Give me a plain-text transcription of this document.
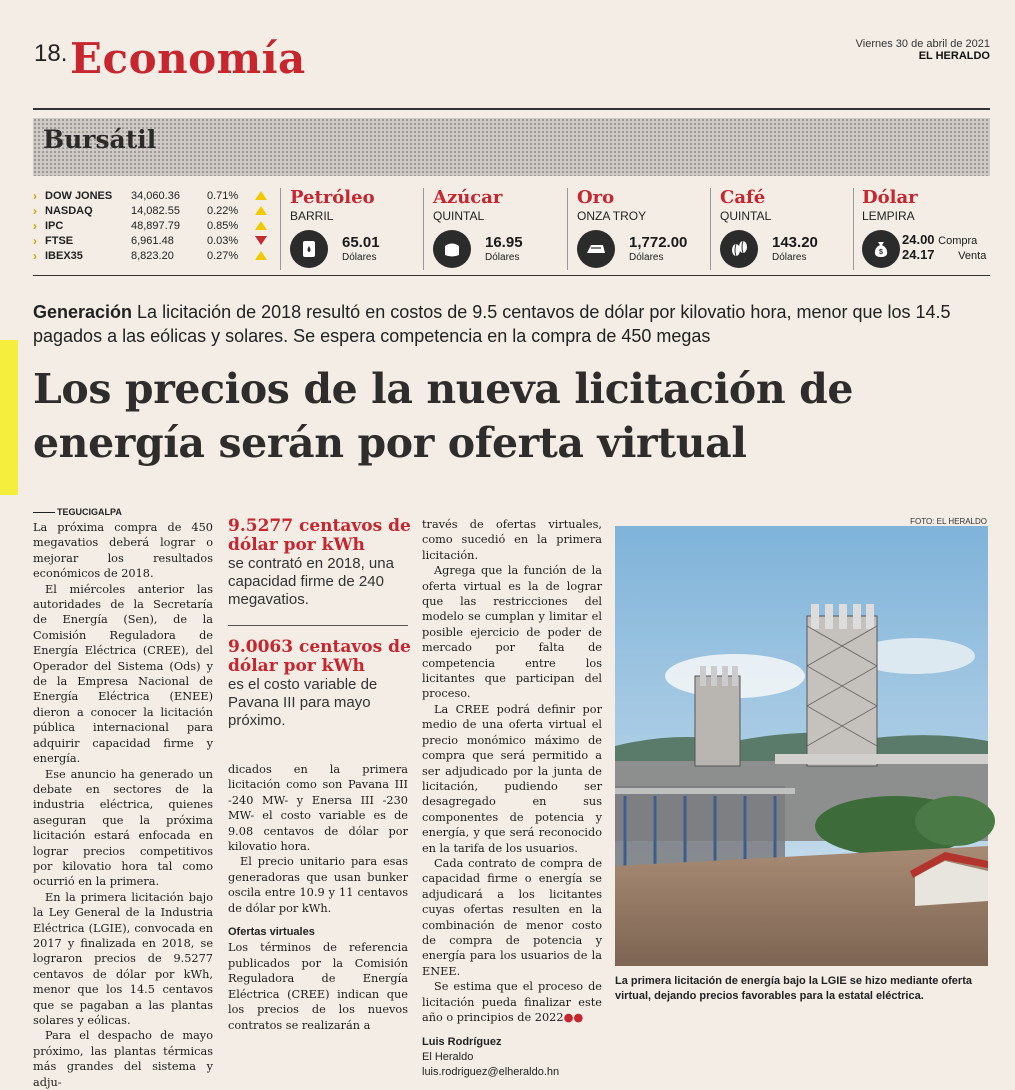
18. Economía	Viernes 30 de abril de 2021
EL HERALDO
Bursátil
› DOW JONES	34,060.36	0.71%
› NASDAQ	14,082.55	0.22%
› IPC	48,897.79	0.85%
› FTSE	6,961.48	0.03%
› IBEX35	8,823.20	0.27%
Petróleo
BARRIL
65.01
Dólares
Azúcar
QUINTAL
16.95
Dólares
Oro
ONZA TROY
1,772.00
Dólares
Café
QUINTAL
143.20
Dólares
Dólar
LEMPIRA
$
24.00 Compra
24.17 Venta
Generación La licitación de 2018 resultó en costos de 9.5 centavos de dólar por kilovatio hora, menor que los 14.5 pagados a las eólicas y solares. Se espera competencia en la compra de 450 megas
Los precios de la nueva licitación de energía serán por oferta virtual
TEGUCIGALPA

La próxima compra de 450 megavatios deberá lograr o mejorar los resultados económicos de 2018.

El miércoles anterior las autoridades de la Secretaría de Energía (Sen), de la Comisión Reguladora de Energía Eléctrica (CREE), del Operador del Sistema (Ods) y de la Empresa Nacional de Energía Eléctrica (ENEE) dieron a conocer la licitación pública internacional para adquirir capacidad firme y energía.

Ese anuncio ha generado un debate en sectores de la industria eléctrica, quienes aseguran que la próxima licitación estará enfocada en lograr precios competitivos por kilovatio hora tal como ocurrió en la primera.

En la primera licitación bajo la Ley General de la Industria Eléctrica (LGIE), convocada en 2017 y finalizada en 2018, se lograron precios de 9.5277 centavos de dólar por kWh, menor que los 14.5 centavos que se pagaban a las plantas solares y eólicas.

Para el despacho de mayo próximo, las plantas térmicas más grandes del sistema y adju-

9.5277 centavos de dólar por kWh
se contrató en 2018, una capacidad firme de 240 megavatios.
9.0063 centavos de dólar por kWh
es el costo variable de Pavana III para mayo próximo.

dicados en la primera licitación como son Pavana III -240 MW- y Enersa III -230 MW- el costo variable es de 9.08 centavos de dólar por kilovatio hora.

El precio unitario para esas generadoras que usan bunker oscila entre 10.9 y 11 centavos de dólar por kWh.

Ofertas virtuales

Los términos de referencia publicados por la Comisión Reguladora de Energía Eléctrica (CREE) indican que los precios de los nuevos contratos se realizarán a

través de ofertas virtuales, como sucedió en la primera licitación.

Agrega que la función de la oferta virtual es la de lograr que las restricciones del modelo se cumplan y limitar el posible ejercicio de poder de mercado por falta de competencia entre los licitantes que participan del proceso.

La CREE podrá definir por medio de una oferta virtual el precio monómico máximo de compra que será permitido a ser adjudicado por la junta de licitación, pudiendo ser desagregado en sus componentes de potencia y energía, y que será reconocido en la tarifa de los usuarios.

Cada contrato de compra de capacidad firme o energía se adjudicará a los licitantes cuyas ofertas resulten en la combinación de menor costo de compra de potencia y energía para los usuarios de la ENEE.

Se estima que el proceso de licitación pueda finalizar este año o principios de 2022●●

Luis Rodríguez
El Heraldo
luis.rodriguez@elheraldo.hn
FOTO: EL HERALDO
La primera licitación de energía bajo la LGIE se hizo mediante oferta virtual, dejando precios favorables para la estatal eléctrica.
